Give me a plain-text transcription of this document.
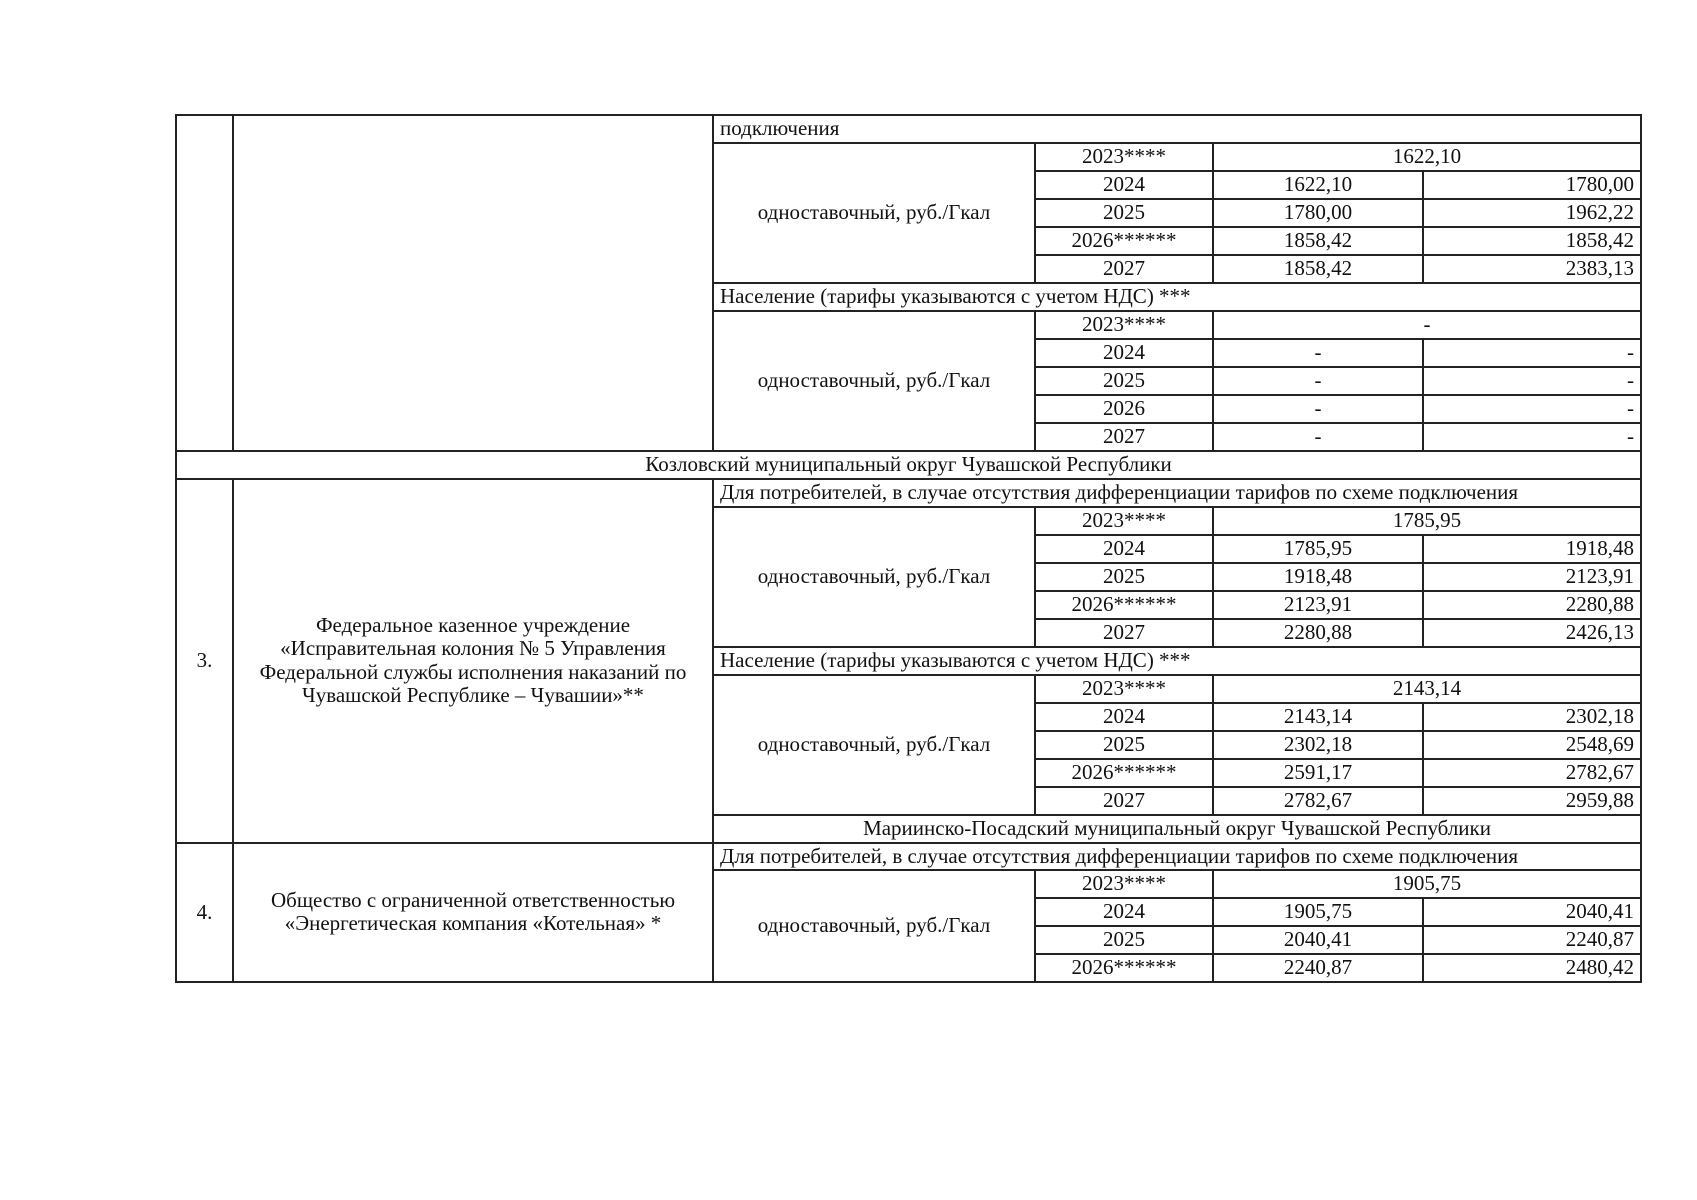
		подключения			
		одноставочный, руб./Гкал	2023****	1622,10	
			2024	1622,10	1780,00
			2025	1780,00	1962,22
			2026******	1858,42	1858,42
			2027	1858,42	2383,13
		Население (тарифы указываются с учетом НДС) ***			
		одноставочный, руб./Гкал	2023****	-	
			2024	-	-
			2025	-	-
			2026	-	-
			2027	-	-
Козловский муниципальный округ Чувашской Республики					
3.	Федеральное казенное учреждение «Исправительная колония № 5 Управления Федеральной службы исполнения наказаний по Чувашской Республике – Чувашии»**	Для потребителей, в случае отсутствия дифференциации тарифов по схеме подключения			
		одноставочный, руб./Гкал	2023****	1785,95	
			2024	1785,95	1918,48
			2025	1918,48	2123,91
			2026******	2123,91	2280,88
			2027	2280,88	2426,13
		Население (тарифы указываются с учетом НДС) ***			
		одноставочный, руб./Гкал	2023****	2143,14	
			2024	2143,14	2302,18
			2025	2302,18	2548,69
			2026******	2591,17	2782,67
			2027	2782,67	2959,88
		Мариинско-Посадский муниципальный округ Чувашской Республики			
4.	Общество с ограниченной ответственностью «Энергетическая компания «Котельная» *	Для потребителей, в случае отсутствия дифференциации тарифов по схеме подключения			
		одноставочный, руб./Гкал	2023****	1905,75	
			2024	1905,75	2040,41
			2025	2040,41	2240,87
			2026******	2240,87	2480,42
